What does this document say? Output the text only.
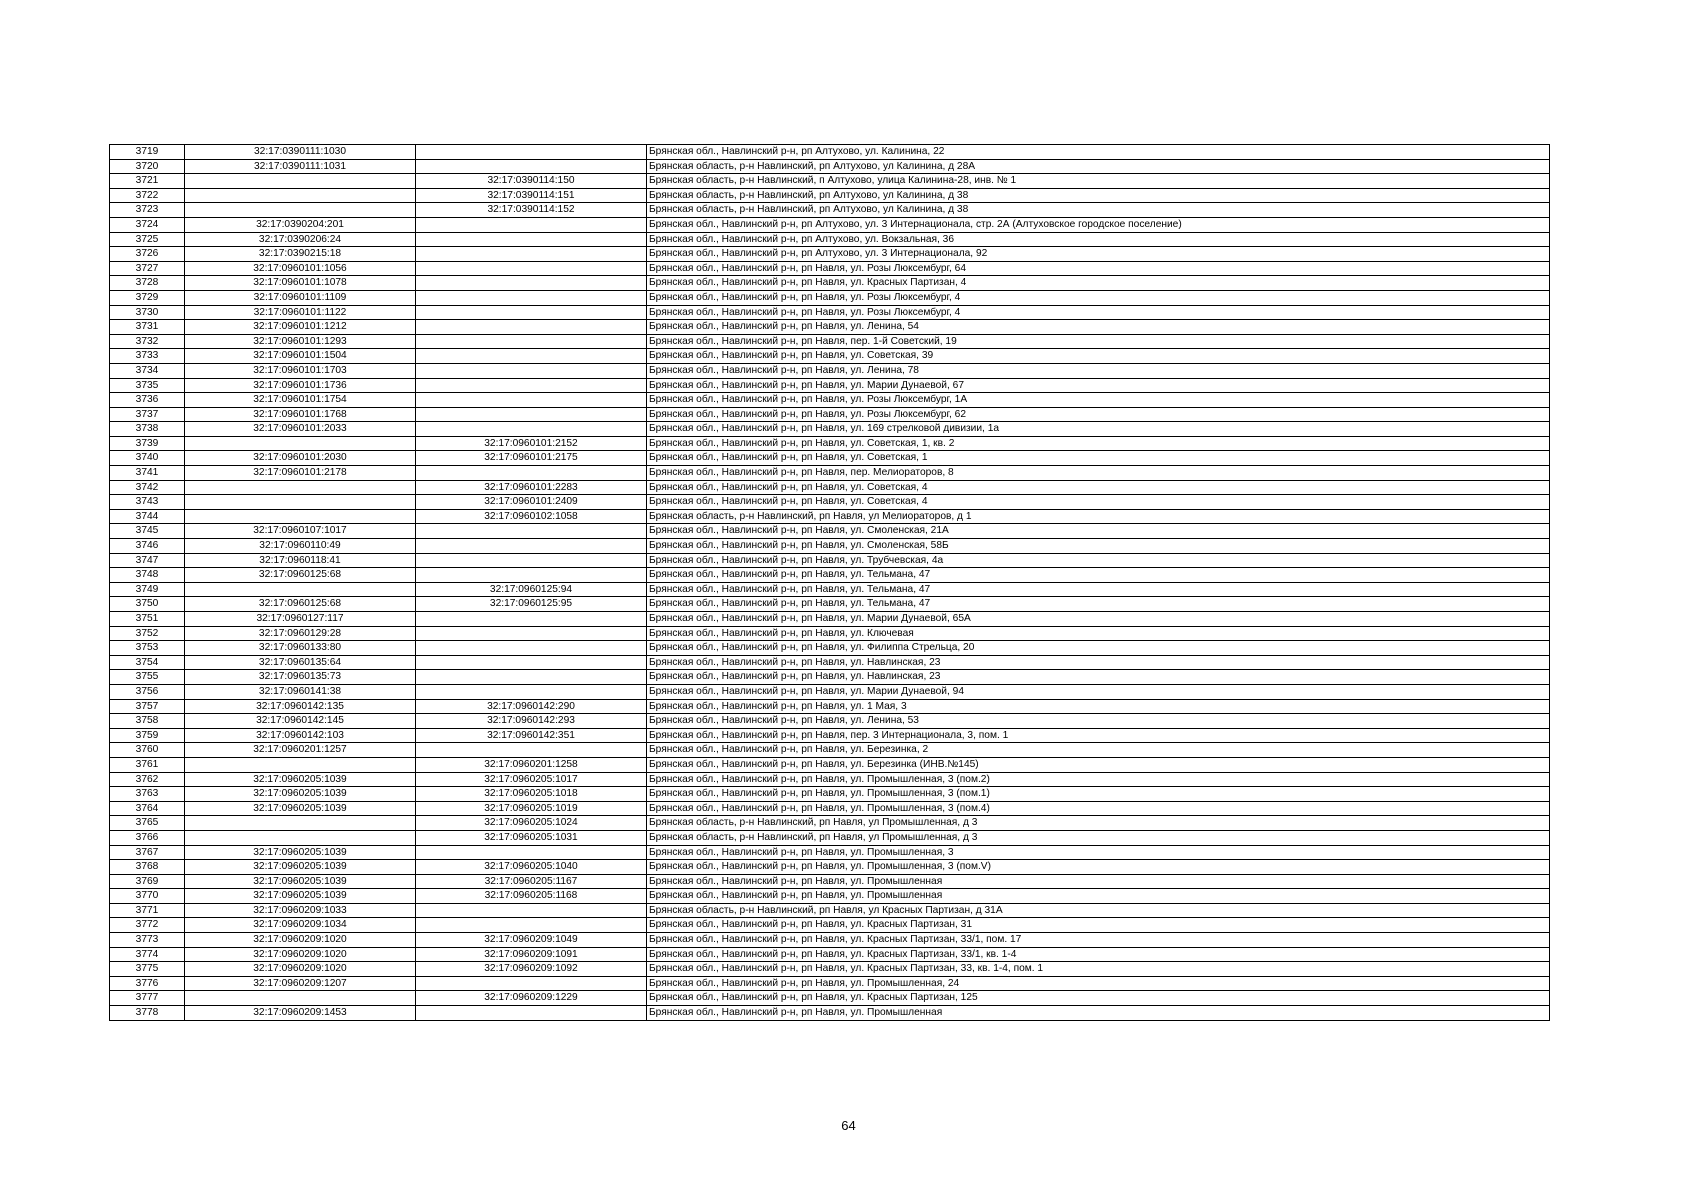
3719	32:17:0390111:1030		Брянская обл., Навлинский р-н, рп Алтухово, ул. Калинина, 22
3720	32:17:0390111:1031		Брянская область, р-н Навлинский, рп Алтухово, ул Калинина, д 28А
3721		32:17:0390114:150	Брянская область, р-н Навлинский, п Алтухово, улица Калинина-28, инв. № 1
3722		32:17:0390114:151	Брянская область, р-н Навлинский, рп Алтухово, ул Калинина, д 38
3723		32:17:0390114:152	Брянская область, р-н Навлинский, рп Алтухово, ул Калинина, д 38
3724	32:17:0390204:201		Брянская обл., Навлинский р-н, рп Алтухово, ул. 3 Интернационала, стр. 2А (Алтуховское городское поселение)
3725	32:17:0390206:24		Брянская обл., Навлинский р-н, рп Алтухово, ул. Вокзальная, 36
3726	32:17:0390215:18		Брянская обл., Навлинский р-н, рп Алтухово, ул. 3 Интернационала, 92
3727	32:17:0960101:1056		Брянская обл., Навлинский р-н, рп Навля, ул. Розы Люксембург, 64
3728	32:17:0960101:1078		Брянская обл., Навлинский р-н, рп Навля, ул. Красных Партизан, 4
3729	32:17:0960101:1109		Брянская обл., Навлинский р-н, рп Навля, ул. Розы Люксембург, 4
3730	32:17:0960101:1122		Брянская обл., Навлинский р-н, рп Навля, ул. Розы Люксембург, 4
3731	32:17:0960101:1212		Брянская обл., Навлинский р-н, рп Навля, ул. Ленина, 54
3732	32:17:0960101:1293		Брянская обл., Навлинский р-н, рп Навля, пер. 1-й Советский, 19
3733	32:17:0960101:1504		Брянская обл., Навлинский р-н, рп Навля, ул. Советская, 39
3734	32:17:0960101:1703		Брянская обл., Навлинский р-н, рп Навля, ул. Ленина, 78
3735	32:17:0960101:1736		Брянская обл., Навлинский р-н, рп Навля, ул. Марии Дунаевой, 67
3736	32:17:0960101:1754		Брянская обл., Навлинский р-н, рп Навля, ул. Розы Люксембург, 1А
3737	32:17:0960101:1768		Брянская обл., Навлинский р-н, рп Навля, ул. Розы Люксембург, 62
3738	32:17:0960101:2033		Брянская обл., Навлинский р-н, рп Навля, ул. 169 стрелковой дивизии, 1а
3739		32:17:0960101:2152	Брянская обл., Навлинский р-н, рп Навля, ул. Советская, 1, кв. 2
3740	32:17:0960101:2030	32:17:0960101:2175	Брянская обл., Навлинский р-н, рп Навля, ул. Советская, 1
3741	32:17:0960101:2178		Брянская обл., Навлинский р-н, рп Навля, пер. Мелиораторов, 8
3742		32:17:0960101:2283	Брянская обл., Навлинский р-н, рп Навля, ул. Советская, 4
3743		32:17:0960101:2409	Брянская обл., Навлинский р-н, рп Навля, ул. Советская, 4
3744		32:17:0960102:1058	Брянская область, р-н Навлинский, рп Навля, ул Мелиораторов, д 1
3745	32:17:0960107:1017		Брянская обл., Навлинский р-н, рп Навля, ул. Смоленская, 21А
3746	32:17:0960110:49		Брянская обл., Навлинский р-н, рп Навля, ул. Смоленская, 58Б
3747	32:17:0960118:41		Брянская обл., Навлинский р-н, рп Навля, ул. Трубчевская, 4а
3748	32:17:0960125:68		Брянская обл., Навлинский р-н, рп Навля, ул. Тельмана, 47
3749		32:17:0960125:94	Брянская обл., Навлинский р-н, рп Навля, ул. Тельмана, 47
3750	32:17:0960125:68	32:17:0960125:95	Брянская обл., Навлинский р-н, рп Навля, ул. Тельмана, 47
3751	32:17:0960127:117		Брянская обл., Навлинский р-н, рп Навля, ул. Марии Дунаевой, 65А
3752	32:17:0960129:28		Брянская обл., Навлинский р-н, рп Навля, ул. Ключевая
3753	32:17:0960133:80		Брянская обл., Навлинский р-н, рп Навля, ул. Филиппа Стрельца, 20
3754	32:17:0960135:64		Брянская обл., Навлинский р-н, рп Навля, ул. Навлинская, 23
3755	32:17:0960135:73		Брянская обл., Навлинский р-н, рп Навля, ул. Навлинская, 23
3756	32:17:0960141:38		Брянская обл., Навлинский р-н, рп Навля, ул. Марии Дунаевой, 94
3757	32:17:0960142:135	32:17:0960142:290	Брянская обл., Навлинский р-н, рп Навля, ул. 1 Мая, 3
3758	32:17:0960142:145	32:17:0960142:293	Брянская обл., Навлинский р-н, рп Навля, ул. Ленина, 53
3759	32:17:0960142:103	32:17:0960142:351	Брянская обл., Навлинский р-н, рп Навля, пер. 3 Интернационала, 3, пом. 1
3760	32:17:0960201:1257		Брянская обл., Навлинский р-н, рп Навля, ул. Березинка, 2
3761		32:17:0960201:1258	Брянская обл., Навлинский р-н, рп Навля, ул. Березинка (ИНВ.№145)
3762	32:17:0960205:1039	32:17:0960205:1017	Брянская обл., Навлинский р-н, рп Навля, ул. Промышленная, 3 (пом.2)
3763	32:17:0960205:1039	32:17:0960205:1018	Брянская обл., Навлинский р-н, рп Навля, ул. Промышленная, 3 (пом.1)
3764	32:17:0960205:1039	32:17:0960205:1019	Брянская обл., Навлинский р-н, рп Навля, ул. Промышленная, 3 (пом.4)
3765		32:17:0960205:1024	Брянская область, р-н Навлинский, рп Навля, ул Промышленная, д 3
3766		32:17:0960205:1031	Брянская область, р-н Навлинский, рп Навля, ул Промышленная, д 3
3767	32:17:0960205:1039		Брянская обл., Навлинский р-н, рп Навля, ул. Промышленная, 3
3768	32:17:0960205:1039	32:17:0960205:1040	Брянская обл., Навлинский р-н, рп Навля, ул. Промышленная, 3 (пом.V)
3769	32:17:0960205:1039	32:17:0960205:1167	Брянская обл., Навлинский р-н, рп Навля, ул. Промышленная
3770	32:17:0960205:1039	32:17:0960205:1168	Брянская обл., Навлинский р-н, рп Навля, ул. Промышленная
3771	32:17:0960209:1033		Брянская область, р-н Навлинский, рп Навля, ул Красных Партизан, д 31А
3772	32:17:0960209:1034		Брянская обл., Навлинский р-н, рп Навля, ул. Красных Партизан, 31
3773	32:17:0960209:1020	32:17:0960209:1049	Брянская обл., Навлинский р-н, рп Навля, ул. Красных Партизан, 33/1, пом. 17
3774	32:17:0960209:1020	32:17:0960209:1091	Брянская обл., Навлинский р-н, рп Навля, ул. Красных Партизан, 33/1, кв. 1-4
3775	32:17:0960209:1020	32:17:0960209:1092	Брянская обл., Навлинский р-н, рп Навля, ул. Красных Партизан, 33, кв. 1-4, пом. 1
3776	32:17:0960209:1207		Брянская обл., Навлинский р-н, рп Навля, ул. Промышленная, 24
3777		32:17:0960209:1229	Брянская обл., Навлинский р-н, рп Навля, ул. Красных Партизан, 125
3778	32:17:0960209:1453		Брянская обл., Навлинский р-н, рп Навля, ул. Промышленная
64
